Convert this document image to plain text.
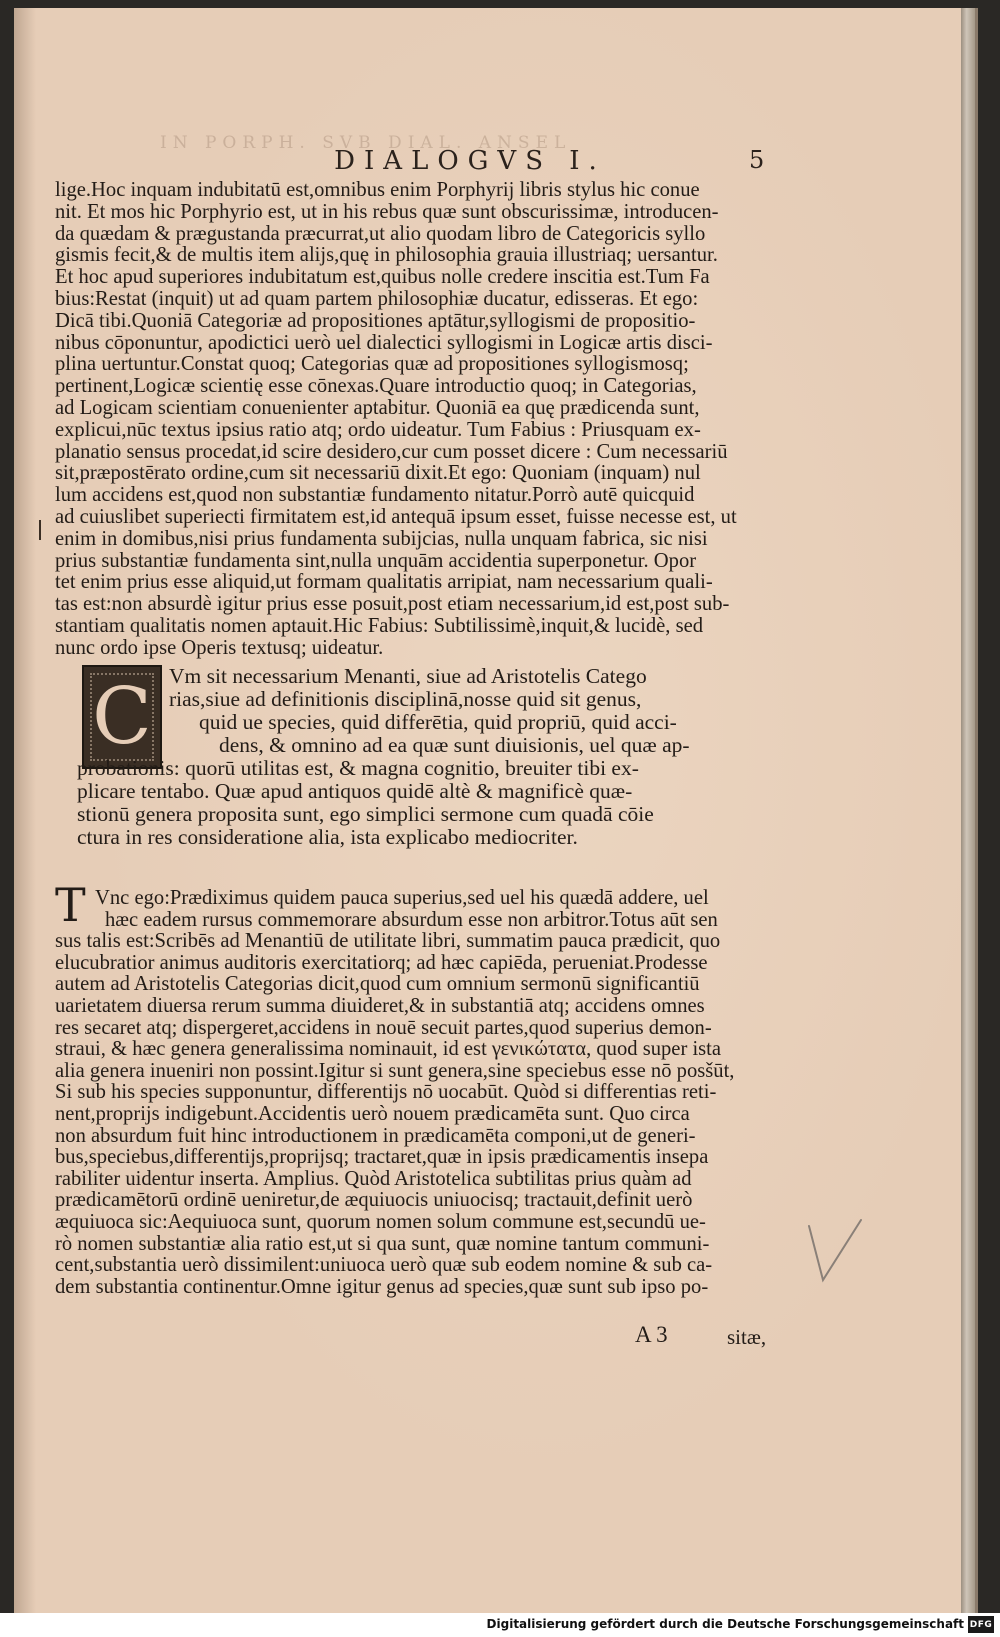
IN PORPH. SVB DIAL. ANSEL
DIALOGVS I.	5
lige.Hoc inquam indubitatū est,omnibus enim Porphyrij libris stylus hic conue
nit. Et mos hic Porphyrio est, ut in his rebus quæ sunt obscurissimæ, introducen-
da quædam & prægustanda præcurrat,ut alio quodam libro de Categoricis syllo
gismis fecit,& de multis item alijs,quę in philosophia grauia illustriaq; uersantur.
Et hoc apud superiores indubitatum est,quibus nolle credere inscitia est.Tum Fa
bius:Restat (inquit) ut ad quam partem philosophiæ ducatur, edisseras. Et ego:
Dicā tibi.Quoniā Categoriæ ad propositiones aptātur,syllogismi de propositio-
nibus cōponuntur, apodictici uerò uel dialectici syllogismi in Logicæ artis disci-
plina uertuntur.Constat quoq; Categorias quæ ad propositiones syllogismosq;
pertinent,Logicæ scientię esse cōnexas.Quare introductio quoq; in Categorias,
ad Logicam scientiam conuenienter aptabitur. Quoniā ea quę prædicenda sunt,
explicui,nūc textus ipsius ratio atq; ordo uideatur. Tum Fabius : Priusquam ex-
planatio sensus procedat,id scire desidero,cur cum posset dicere : Cum necessariū
sit,præpostērato ordine,cum sit necessariū dixit.Et ego: Quoniam (inquam) nul
lum accidens est,quod non substantiæ fundamento nitatur.Porrò autē quicquid
ad cuiuslibet superiecti firmitatem est,id antequā ipsum esset, fuisse necesse est, ut
enim in domibus,nisi prius fundamenta subijcias, nulla unquam fabrica, sic nisi
prius substantiæ fundamenta sint,nulla unquām accidentia superponetur. Opor
tet enim prius esse aliquid,ut formam qualitatis arripiat, nam necessarium quali-
tas est:non absurdè igitur prius esse posuit,post etiam necessarium,id est,post sub-
stantiam qualitatis nomen aptauit.Hic Fabius: Subtilissimè,inquit,& lucidè, sed
nunc ordo ipse Operis textusq; uideatur.
C Vm sit necessarium Menanti, siue ad Aristotelis Catego
rias,siue ad definitionis disciplinā,nosse quid sit genus,
quid ue species, quid differētia, quid propriū, quid acci-
dens, & omnino ad ea quæ sunt diuisionis, uel quæ ap-
probationis: quorū utilitas est, & magna cognitio, breuiter tibi ex-
plicare tentabo. Quæ apud antiquos quidē altè & magnificè quæ-
stionū genera proposita sunt, ego simplici sermone cum quadā cōie
ctura in res consideratione alia, ista explicabo mediocriter.
T Vnc ego:Prædiximus quidem pauca superius,sed uel his quædā addere, uel
hæc eadem rursus commemorare absurdum esse non arbitror.Totus aūt sen
sus talis est:Scribēs ad Menantiū de utilitate libri, summatim pauca prædicit, quo
elucubratior animus auditoris exercitatiorq; ad hæc capiēda, perueniat.Prodesse
autem ad Aristotelis Categorias dicit,quod cum omnium sermonū significantiū
uarietatem diuersa rerum summa diuideret,& in substantiā atq; accidens omnes
res secaret atq; dispergeret,accidens in nouē secuit partes,quod superius demon-
straui, & hæc genera generalissima nominauit, id est γενικώτατα, quod super ista
alia genera inueniri non possint.Igitur si sunt genera,sine speciebus esse nō posšūt,
Si sub his species supponuntur, differentijs nō uocabūt. Quòd si differentias reti-
nent,proprijs indigebunt.Accidentis uerò nouem prædicamēta sunt. Quo circa
non absurdum fuit hinc introductionem in prædicamēta componi,ut de generi-
bus,speciebus,differentijs,proprijsq; tractaret,quæ in ipsis prædicamentis insepa
rabiliter uidentur inserta. Amplius. Quòd Aristotelica subtilitas prius quàm ad
prædicamētorū ordinē ueniretur,de æquiuocis uniuocisq; tractauit,definit uerò
æquiuoca sic:Aequiuoca sunt, quorum nomen solum commune est,secundū ue-
rò nomen substantiæ alia ratio est,ut si qua sunt, quæ nomine tantum communi-
cent,substantia uerò dissimilent:uniuoca uerò quæ sub eodem nomine & sub ca-
dem substantia continentur.Omne igitur genus ad species,quæ sunt sub ipso po-
A 3	sitæ,
Digitalisierung gefördert durch die Deutsche Forschungsgemeinschaft DFG
